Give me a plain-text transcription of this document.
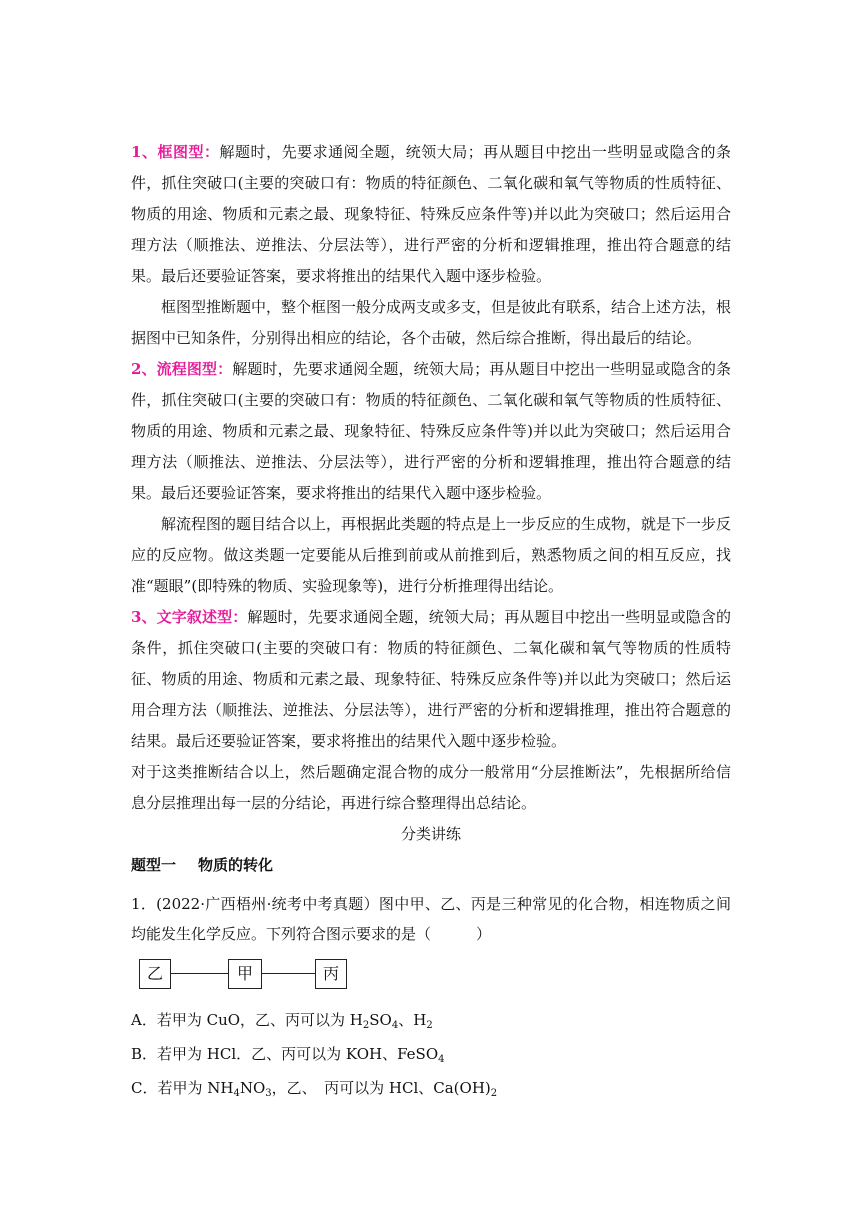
1、框图型：解题时，先要求通阅全题，统领大局；再从题目中挖出一些明显或隐含的条件，抓住突破口(主要的突破口有：物质的特征颜色、二氧化碳和氧气等物质的性质特征、物质的用途、物质和元素之最、现象特征、特殊反应条件等)并以此为突破口；然后运用合理方法（顺推法、逆推法、分层法等），进行严密的分析和逻辑推理，推出符合题意的结果。最后还要验证答案，要求将推出的结果代入题中逐步检验。

框图型推断题中，整个框图一般分成两支或多支，但是彼此有联系，结合上述方法，根据图中已知条件，分别得出相应的结论，各个击破，然后综合推断，得出最后的结论。

2、流程图型：解题时，先要求通阅全题，统领大局；再从题目中挖出一些明显或隐含的条件，抓住突破口(主要的突破口有：物质的特征颜色、二氧化碳和氧气等物质的性质特征、物质的用途、物质和元素之最、现象特征、特殊反应条件等)并以此为突破口；然后运用合理方法（顺推法、逆推法、分层法等），进行严密的分析和逻辑推理，推出符合题意的结果。最后还要验证答案，要求将推出的结果代入题中逐步检验。

解流程图的题目结合以上，再根据此类题的特点是上一步反应的生成物，就是下一步反应的反应物。做这类题一定要能从后推到前或从前推到后，熟悉物质之间的相互反应，找准“题眼”(即特殊的物质、实验现象等)，进行分析推理得出结论。

3、文字叙述型：解题时，先要求通阅全题，统领大局；再从题目中挖出一些明显或隐含的条件，抓住突破口(主要的突破口有：物质的特征颜色、二氧化碳和氧气等物质的性质特征、物质的用途、物质和元素之最、现象特征、特殊反应条件等)并以此为突破口；然后运用合理方法（顺推法、逆推法、分层法等），进行严密的分析和逻辑推理，推出符合题意的结果。最后还要验证答案，要求将推出的结果代入题中逐步检验。

对于这类推断结合以上，然后题确定混合物的成分一般常用“分层推断法”，先根据所给信息分层推理出每一层的分结论，再进行综合整理得出总结论。

分类讲练

题型一 物质的转化

1．(2022·广西梧州·统考中考真题）图中甲、乙、丙是三种常见的化合物，相连物质之间均能发生化学反应。下列符合图示要求的是（　　　）

乙	甲	丙

A．若甲为 CuO，乙、丙可以为 $H_2SO_4$、$H_2$

B．若甲为 HCl．乙、丙可以为 KOH、FeSO$_4$

C．若甲为 $NH_4NO_3$，乙、　丙可以为 HCl、$Ca(OH)_2$
